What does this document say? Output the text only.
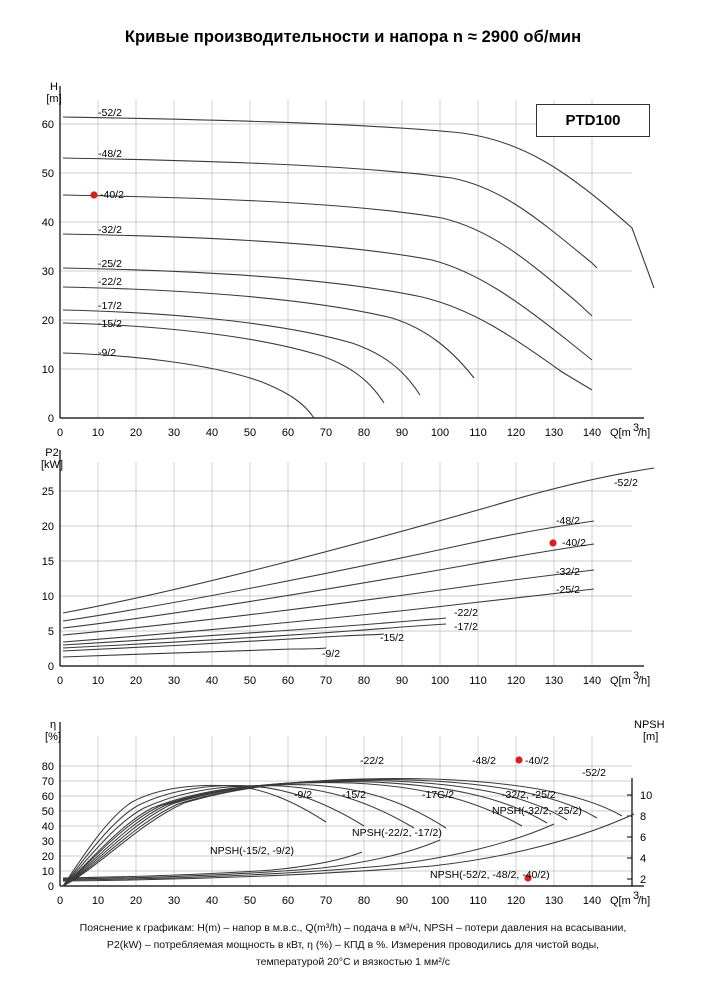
Кривые производительности и напора n ≈ 2900 об/мин
-52/2
-48/2
-40/2
-32/2
-25/2
-22/2
-17/2
-15/2
-9/2
0
10
20
30
40
50
60
0	10 20 30 40 50 60 70 80 90 100 110 120 130 140
H
[m]
Q[m 3
/h]
PTD100
-52/2
-48/2
-40/2
-32/2
-25/2
-22/2
-17/2
-15/2
-9/2
0
5
10
15
20
25
0	10 20 30 40 50 60 70 80 90 100 110 120 130 140
P2
[kW]
Q[m 3
/h]
-22/2	-48/2	-40/2
-52/2
-9/2	-15/2	-17G/2	-32/2, -25/2
NPSH(-32/2, -25/2)
NPSH(-22/2, -17/2)
NPSH(-15/2, -9/2)
NPSH(-52/2, -48/2, -40/2)
0
10
20
30
40
50
60
70
80
10
8
6
4
2
0	10 20 30 40 50 60 70 80 90 100 110 120 130 140
η
[%]
NPSH
[m]
Q[m 3
/h]
Пояснение к графикам: H(m) – напор в м.в.с., Q(m³/h) – подача в м³/ч, NPSH – потери давления на всасывании,
P2(kW) – потребляемая мощность в кВт, η (%) – КПД в %. Измерения проводились для чистой воды,
температурой 20°C и вязкостью 1 мм²/с
